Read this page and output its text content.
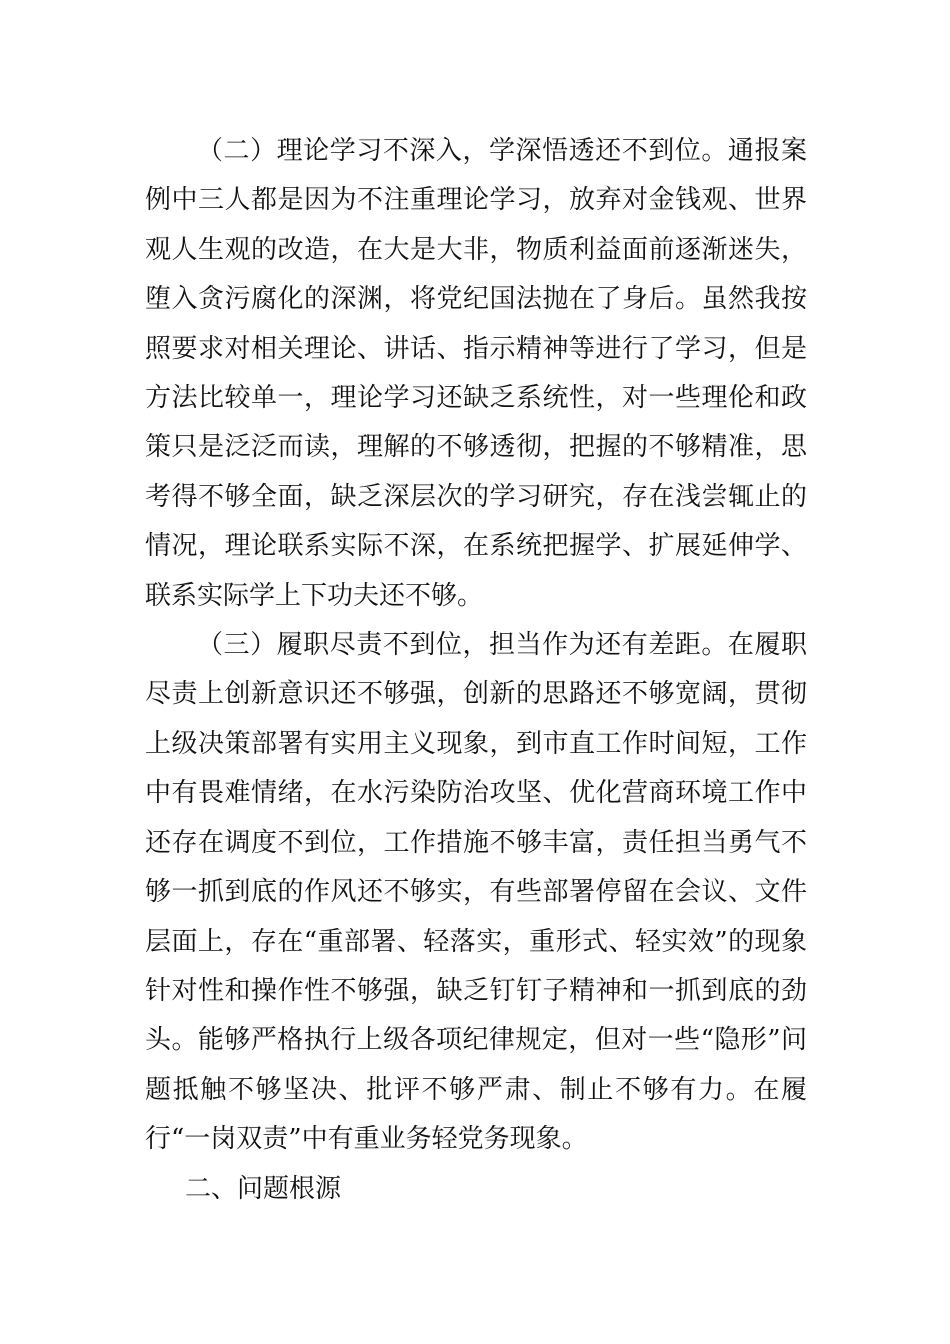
（二）理论学习不深入，学深悟透还不到位。通报案例中三人都是因为不注重理论学习，放弃对金钱观、世界观人生观的改造，在大是大非，物质利益面前逐渐迷失，堕入贪污腐化的深渊，将党纪国法抛在了身后。虽然我按照要求对相关理论、讲话、指示精神等进行了学习，但是方法比较单一，理论学习还缺乏系统性，对一些理伦和政策只是泛泛而读，理解的不够透彻，把握的不够精准，思考得不够全面，缺乏深层次的学习研究，存在浅尝辄止的情况，理论联系实际不深，在系统把握学、扩展延伸学、联系实际学上下功夫还不够。

（三）履职尽责不到位，担当作为还有差距。在履职尽责上创新意识还不够强，创新的思路还不够宽阔，贯彻上级决策部署有实用主义现象，到市直工作时间短，工作中有畏难情绪，在水污染防治攻坚、优化营商环境工作中还存在调度不到位，工作措施不够丰富，责任担当勇气不够一抓到底的作风还不够实，有些部署停留在会议、文件层面上，存在“重部署、轻落实，重形式、轻实效”的现象针对性和操作性不够强，缺乏钉钉子精神和一抓到底的劲头。能够严格执行上级各项纪律规定，但对一些“隐形”问题抵触不够坚决、批评不够严肃、制止不够有力。在履行“一岗双责”中有重业务轻党务现象。

二、问题根源
